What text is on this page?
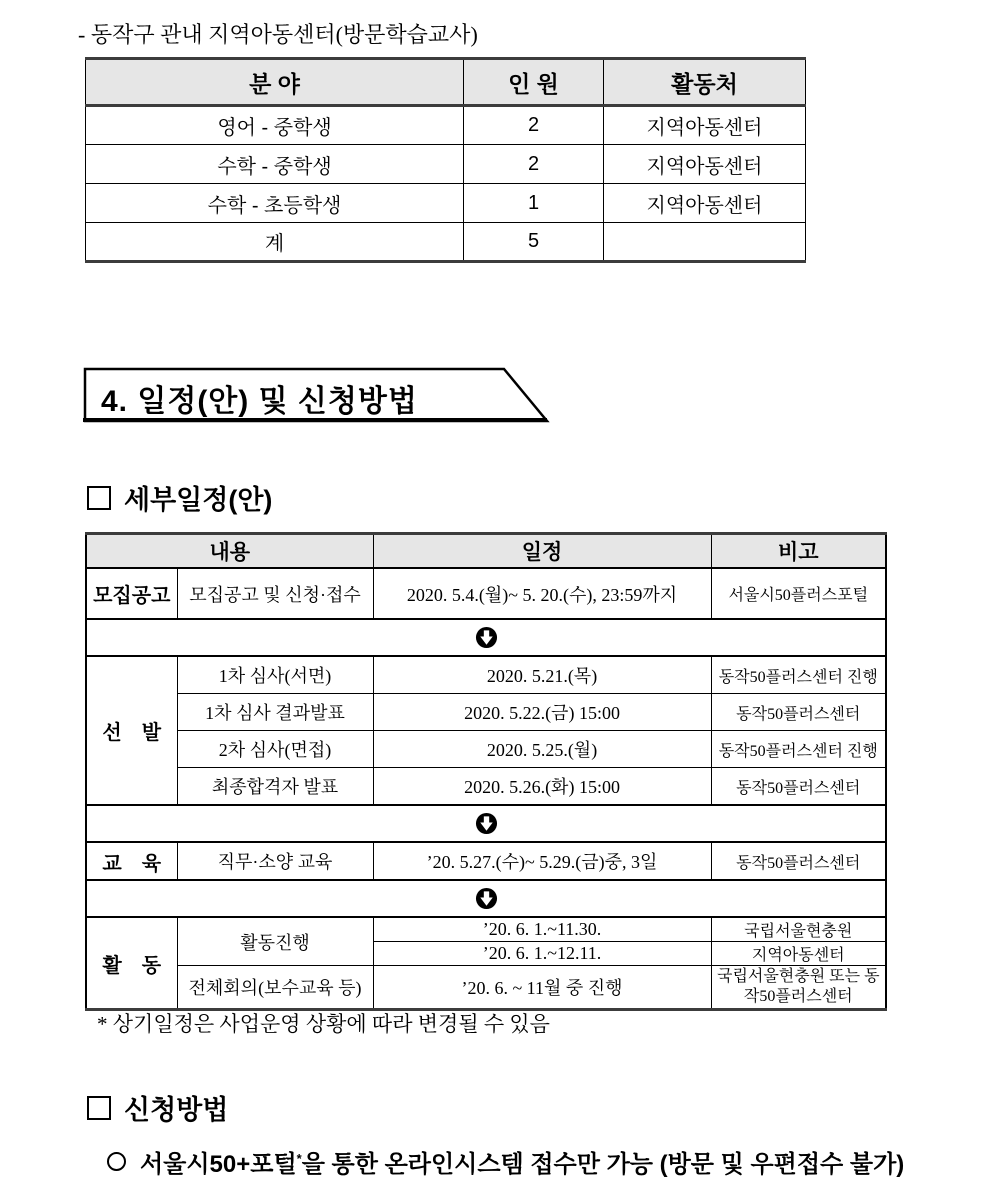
- 동작구 관내 지역아동센터(방문학습교사)
분 야	인 원	활동처
영어 - 중학생	2	지역아동센터
수학 - 중학생	2	지역아동센터
수학 - 초등학생	1	지역아동센터
계	5	
4. 일정(안) 및 신청방법
세부일정(안)
내용		일정	비고
모집공고	모집공고 및 신청·접수	2020. 5.4.(월)~ 5. 20.(수), 23:59까지	서울시50플러스포털

선    발	1차 심사(서면)	2020. 5.21.(목)	동작50플러스센터 진행
	1차 심사 결과발표	2020. 5.22.(금) 15:00	동작50플러스센터
	2차 심사(면접)	2020. 5.25.(월)	동작50플러스센터 진행
	최종합격자 발표	2020. 5.26.(화) 15:00	동작50플러스센터

교    육	직무·소양 교육	’20. 5.27.(수)~ 5.29.(금)중, 3일	동작50플러스센터

활    동	활동진행	’20. 6. 1.~11.30.	국립서울현충원
		’20. 6. 1.~12.11.	지역아동센터
	전체회의(보수교육 등)	’20. 6. ~ 11월 중 진행	국립서울현충원 또는 동작50플러스센터
* 상기일정은 사업운영 상황에 따라 변경될 수 있음
신청방법
서울시50+포털*을 통한 온라인시스템 접수만 가능 (방문 및 우편접수 불가)
